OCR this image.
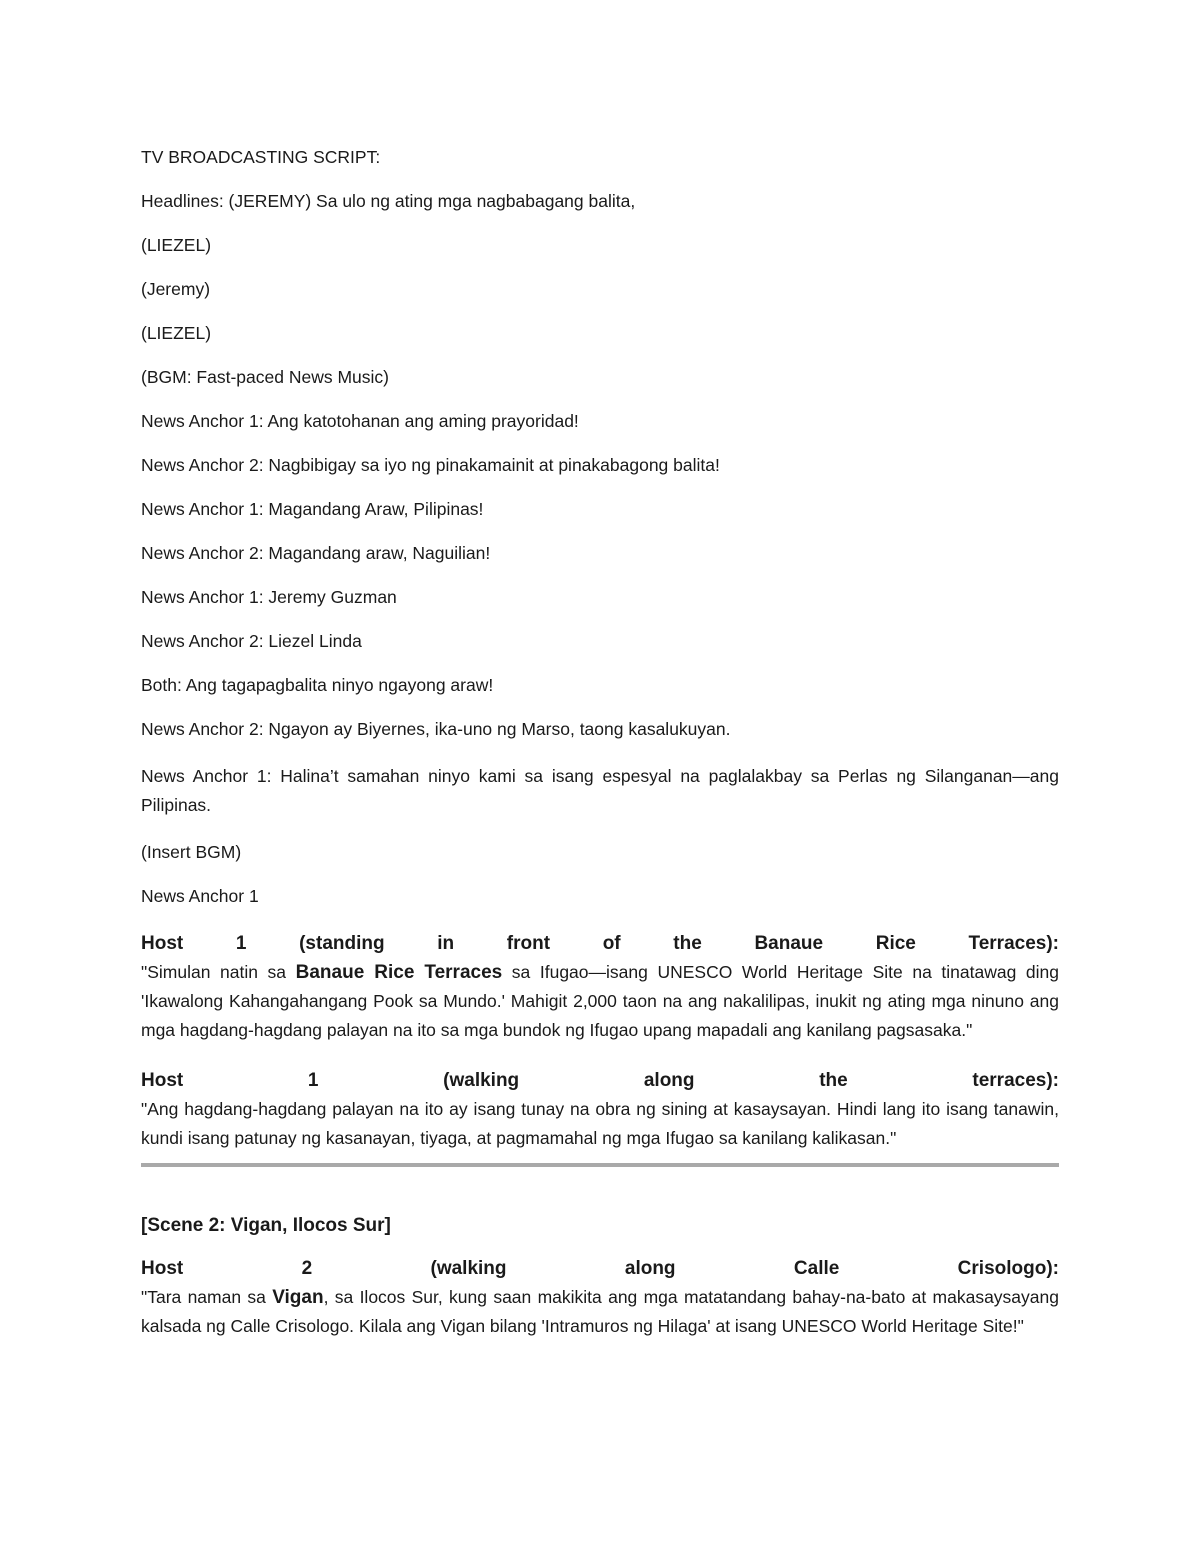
TV BROADCASTING SCRIPT:

Headlines: (JEREMY) Sa ulo ng ating mga nagbabagang balita,

(LIEZEL)

(Jeremy)

(LIEZEL)

(BGM: Fast-paced News Music)

News Anchor 1: Ang katotohanan ang aming prayoridad!

News Anchor 2: Nagbibigay sa iyo ng pinakamainit at pinakabagong balita!

News Anchor 1: Magandang Araw, Pilipinas!

News Anchor 2: Magandang araw, Naguilian!

News Anchor 1: Jeremy Guzman

News Anchor 2: Liezel Linda

Both: Ang tagapagbalita ninyo ngayong araw!

News Anchor 2: Ngayon ay Biyernes, ika-uno ng Marso, taong kasalukuyan.

News Anchor 1: Halina’t samahan ninyo kami sa isang espesyal na paglalakbay sa Perlas ng Silanganan—ang Pilipinas.

(Insert BGM)

News Anchor 1

Host 1 (standing in front of the Banaue Rice Terraces):
"Simulan natin sa Banaue Rice Terraces sa Ifugao—isang UNESCO World Heritage Site na tinatawag ding 'Ikawalong Kahangahangang Pook sa Mundo.' Mahigit 2,000 taon na ang nakalilipas, inukit ng ating mga ninuno ang mga hagdang-hagdang palayan na ito sa mga bundok ng Ifugao upang mapadali ang kanilang pagsasaka."
Host 1 (walking along the terraces):
"Ang hagdang-hagdang palayan na ito ay isang tunay na obra ng sining at kasaysayan. Hindi lang ito isang tanawin, kundi isang patunay ng kasanayan, tiyaga, at pagmamahal ng mga Ifugao sa kanilang kalikasan."

[Scene 2: Vigan, Ilocos Sur]

Host 2 (walking along Calle Crisologo):
"Tara naman sa Vigan, sa Ilocos Sur, kung saan makikita ang mga matatandang bahay-na-bato at makasaysayang kalsada ng Calle Crisologo. Kilala ang Vigan bilang 'Intramuros ng Hilaga' at isang UNESCO World Heritage Site!"
